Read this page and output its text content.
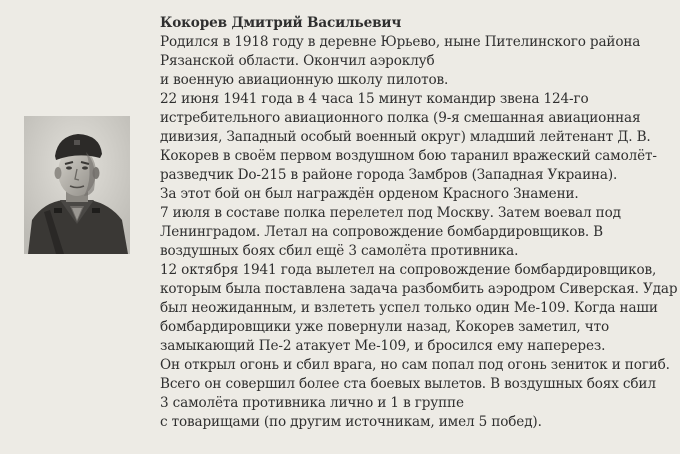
Кокорев Дмитрий Васильевич
Родился в 1918 году в деревне Юрьево, ныне Пителинского района
Рязанской области. Окончил аэроклуб
и военную авиационную школу пилотов.
22 июня 1941 года в 4 часа 15 минут командир звена 124-го
истребительного авиационного полка (9-я смешанная авиационная
дивизия, Западный особый военный округ) младший лейтенант Д. В.
Кокорев в своём первом воздушном бою таранил вражеский самолёт-
разведчик Do-215 в районе города Замбров (Западная Украина).
За этот бой он был награждён орденом Красного Знамени.
7 июля в составе полка перелетел под Москву. Затем воевал под
Ленинградом. Летал на сопровождение бомбардировщиков. В
воздушных боях сбил ещё 3 самолёта противника.
12 октября 1941 года вылетел на сопровождение бомбардировщиков,
которым была поставлена задача разбомбить аэродром Сиверская. Удар
был неожиданным, и взлететь успел только один Ме-109. Когда наши
бомбардировщики уже повернули назад, Кокорев заметил, что
замыкающий Пе-2 атакует Ме-109, и бросился ему наперерез.
Он открыл огонь и сбил врага, но сам попал под огонь зениток и погиб.
Всего он совершил более ста боевых вылетов. В воздушных боях сбил
3 самолёта противника лично и 1 в группе
с товарищами (по другим источникам, имел 5 побед).
